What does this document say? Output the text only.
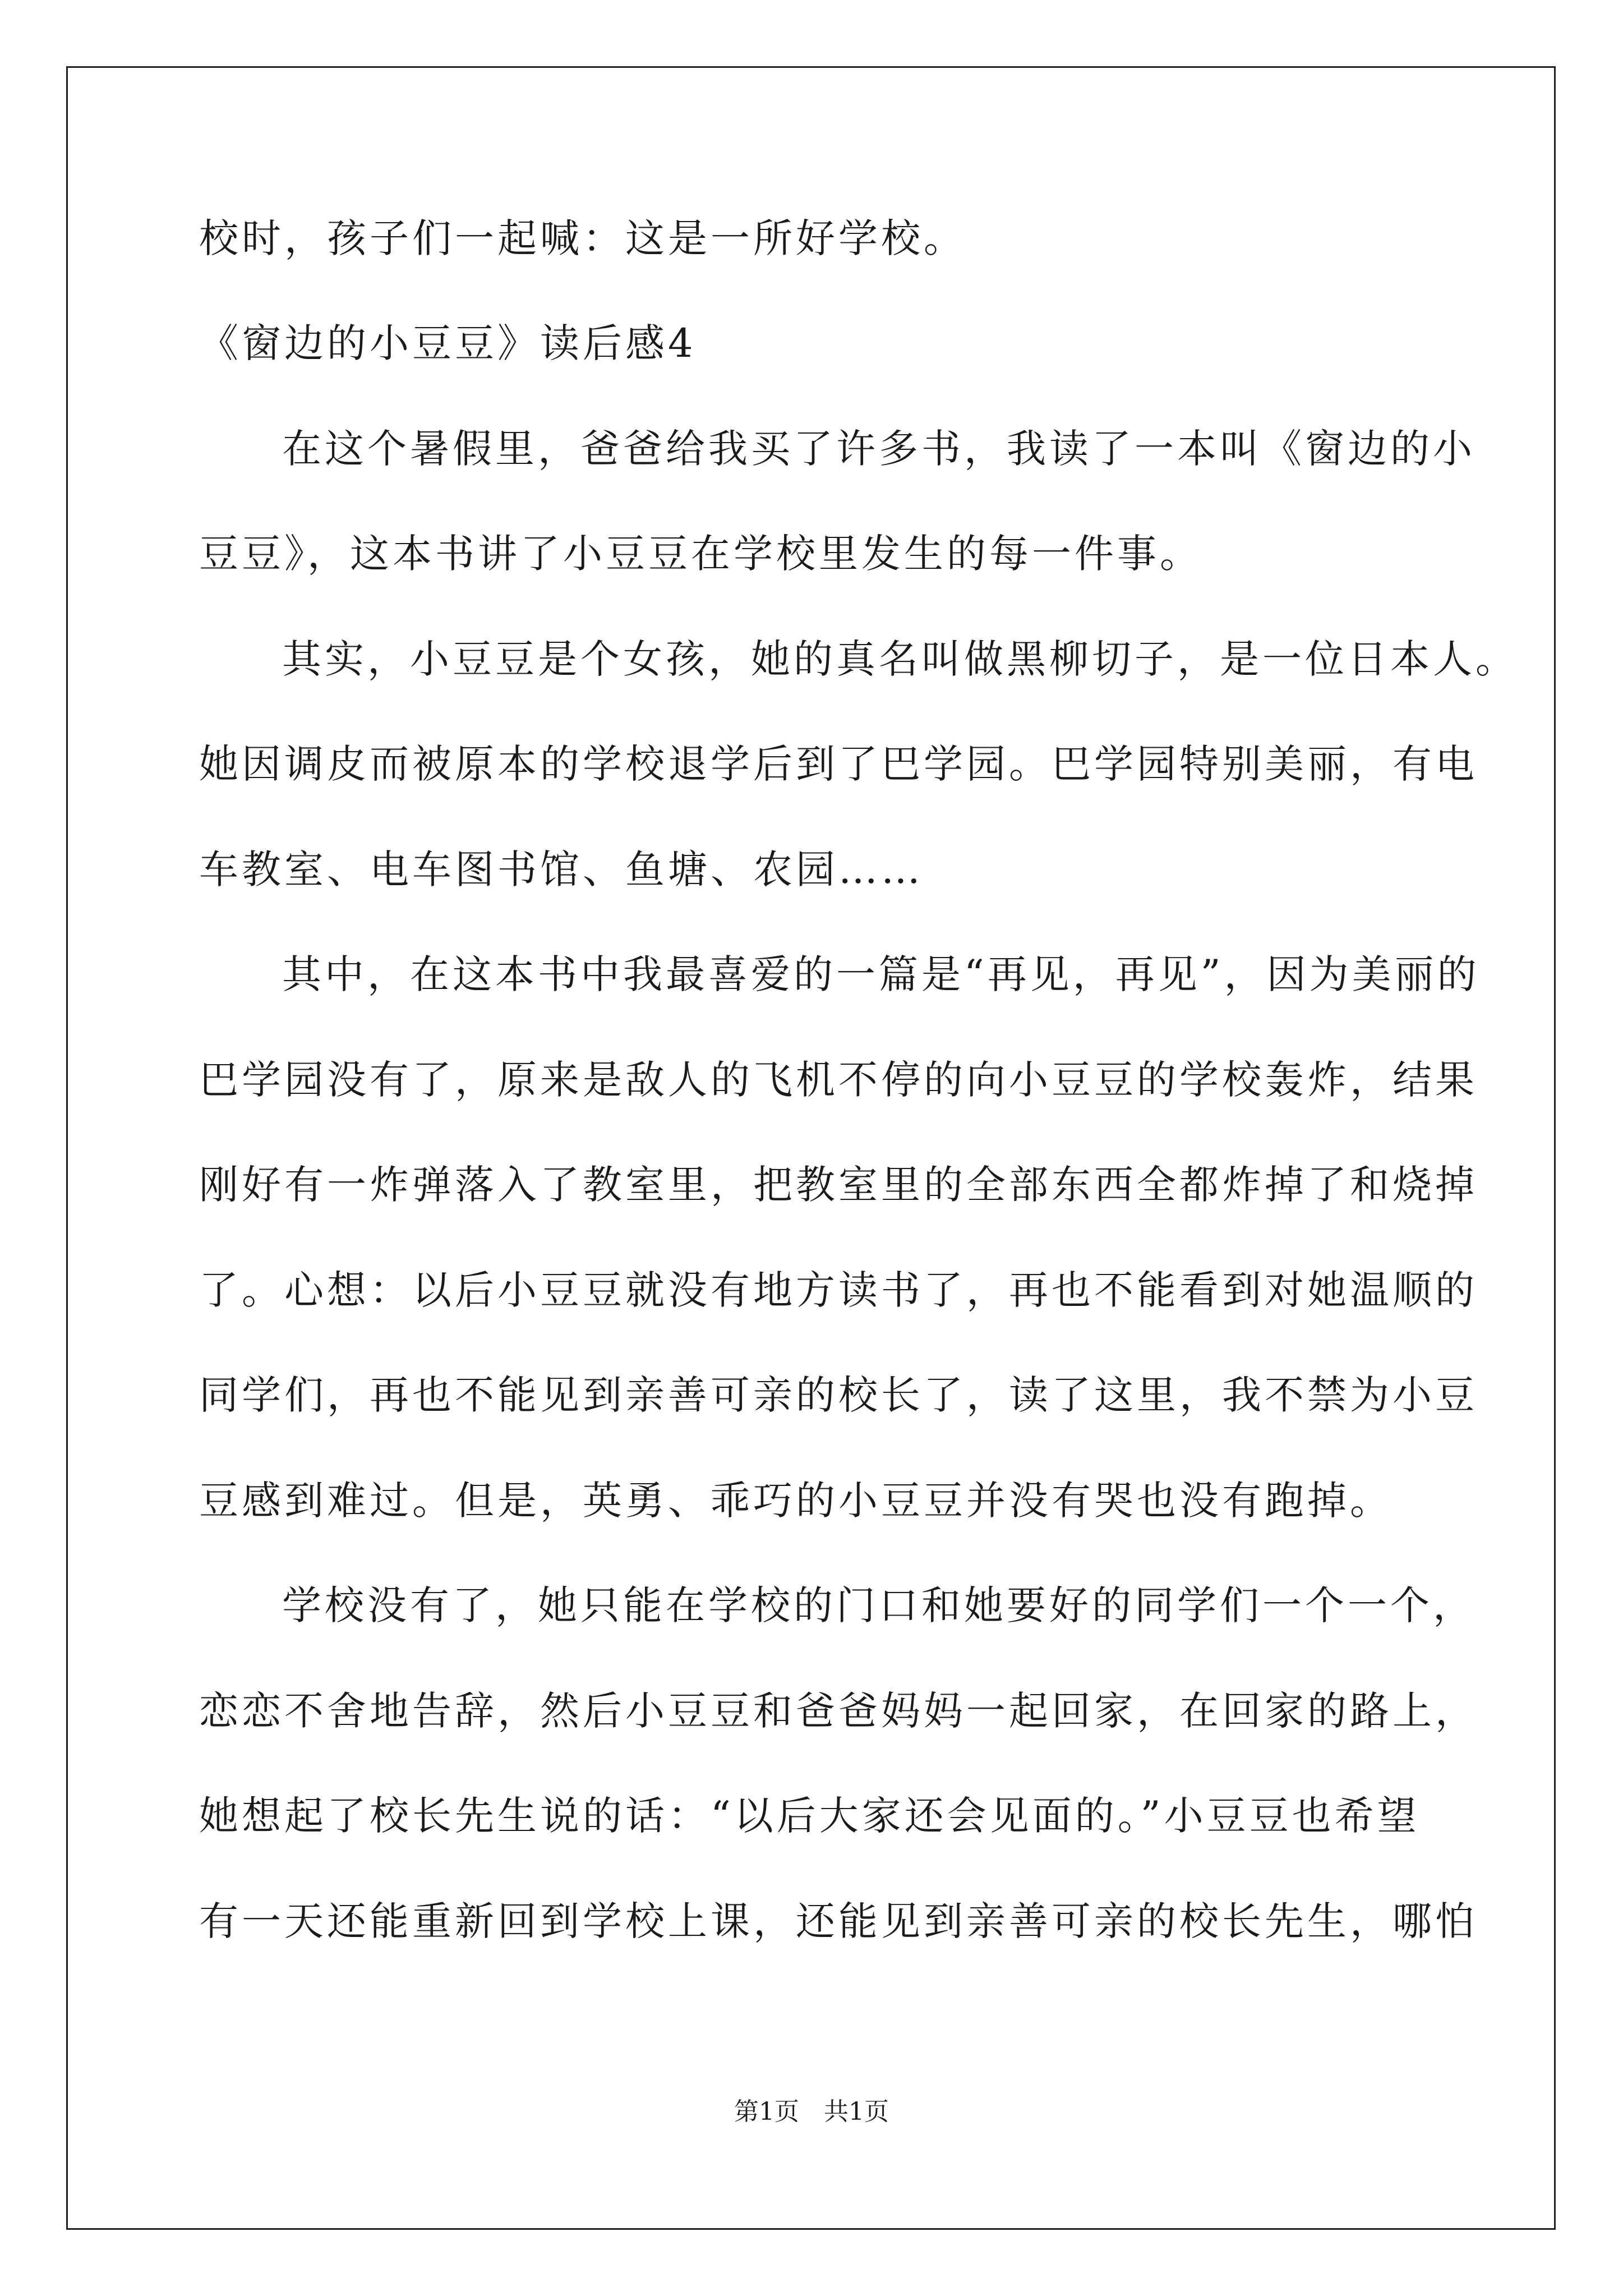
校时，孩子们一起喊：这是一所好学校。
《窗边的小豆豆》读后感4
在这个暑假里，爸爸给我买了许多书，我读了一本叫《窗边的小
豆豆》，这本书讲了小豆豆在学校里发生的每一件事。
其实，小豆豆是个女孩，她的真名叫做黑柳切子，是一位日本人。
她因调皮而被原本的学校退学后到了巴学园。巴学园特别美丽，有电
车教室、电车图书馆、鱼塘、农园……
其中，在这本书中我最喜爱的一篇是“再见，再见”，因为美丽的
巴学园没有了，原来是敌人的飞机不停的向小豆豆的学校轰炸，结果
刚好有一炸弹落入了教室里，把教室里的全部东西全都炸掉了和烧掉
了。心想：以后小豆豆就没有地方读书了，再也不能看到对她温顺的
同学们，再也不能见到亲善可亲的校长了，读了这里，我不禁为小豆
豆感到难过。但是，英勇、乖巧的小豆豆并没有哭也没有跑掉。
学校没有了，她只能在学校的门口和她要好的同学们一个一个，
恋恋不舍地告辞，然后小豆豆和爸爸妈妈一起回家，在回家的路上，
她想起了校长先生说的话：“以后大家还会见面的。”小豆豆也希望
有一天还能重新回到学校上课，还能见到亲善可亲的校长先生，哪怕
第1页　共1页
